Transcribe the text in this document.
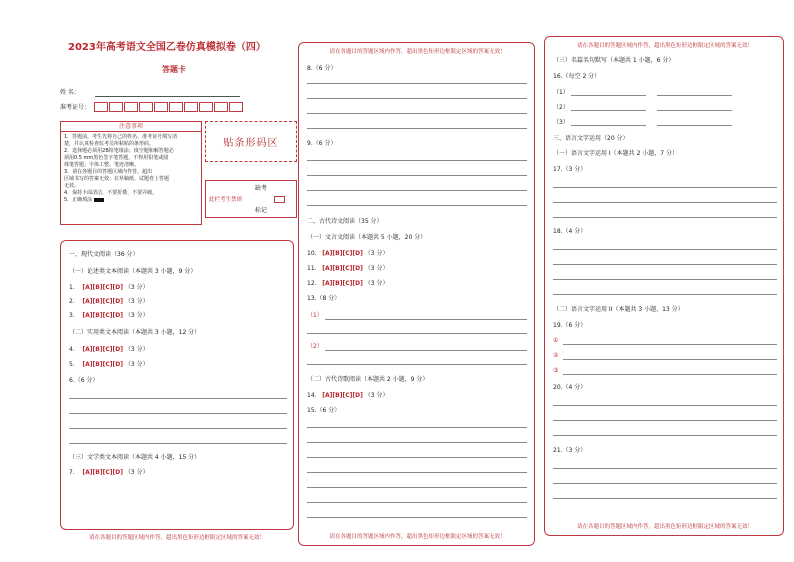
2023年高考语文全国乙卷仿真模拟卷（四）
答题卡
姓 名：
准考证号：
注意事项
1．答题前，考生先将自己的姓名、准考证号填写清
楚，并认真检查监考员所粘贴的条形码。
2．选择题必须用2B铅笔填涂；填空题和解答题必
须用0.5 mm黑色签字笔答题，不得用铅笔或圆
珠笔答题；字体工整、笔迹清晰。
3．请在各题目的答题区域内作答，超出
区域书写的答案无效；在草稿纸、试题卷上答题
无效。
4．保持卡面清洁，不要折叠，不要弄破。
5．正确填涂
贴条形码区
缺考
此栏考生禁填
标记
一、现代文阅读（36 分）
（一）论述类文本阅读（本题共 3 小题，9 分）
1. [A][B][C][D] （3 分）
2. [A][B][C][D] （3 分）
3. [A][B][C][D] （3 分）
（二）实用类文本阅读（本题共 3 小题，12 分）
4. [A][B][C][D] （3 分）
5. [A][B][C][D] （3 分）
6.（6 分）
（三）文学类文本阅读（本题共 4 小题，15 分）
7. [A][B][C][D] （3 分）
请在各题目的答题区域内作答，超出黑色矩形边框限定区域的答案无效！
请在各题目的答题区域内作答，超出黑色矩形边框限定区域的答案无效！
8.（6 分）
9.（6 分）
二、古代诗文阅读（35 分）
（一）文言文阅读（本题共 5 小题，20 分）
10. [A][B][C][D] （3 分）
11. [A][B][C][D] （3 分）
12. [A][B][C][D] （3 分）
13.（8 分）
（1）
（2）
（二）古代诗歌阅读（本题共 2 小题，9 分）
14. [A][B][C][D] （3 分）
15.（6 分）
请在各题目的答题区域内作答，超出黑色矩形边框限定区域的答案无效！
请在各题目的答题区域内作答，超出黑色矩形边框限定区域的答案无效！
（三）名篇名句默写（本题共 1 小题，6 分）
16.（每空 2 分）
（1）
（2）
（3）
三、语言文字运用（20 分）
（一）语言文字运用 I（本题共 2 小题，7 分）
17.（3 分）
18.（4 分）
（二）语言文字运用 II（本题共 3 小题，13 分）
19.（6 分）
①
②
③
20.（4 分）
21.（3 分）
请在各题目的答题区域内作答，超出黑色矩形边框限定区域的答案无效！
